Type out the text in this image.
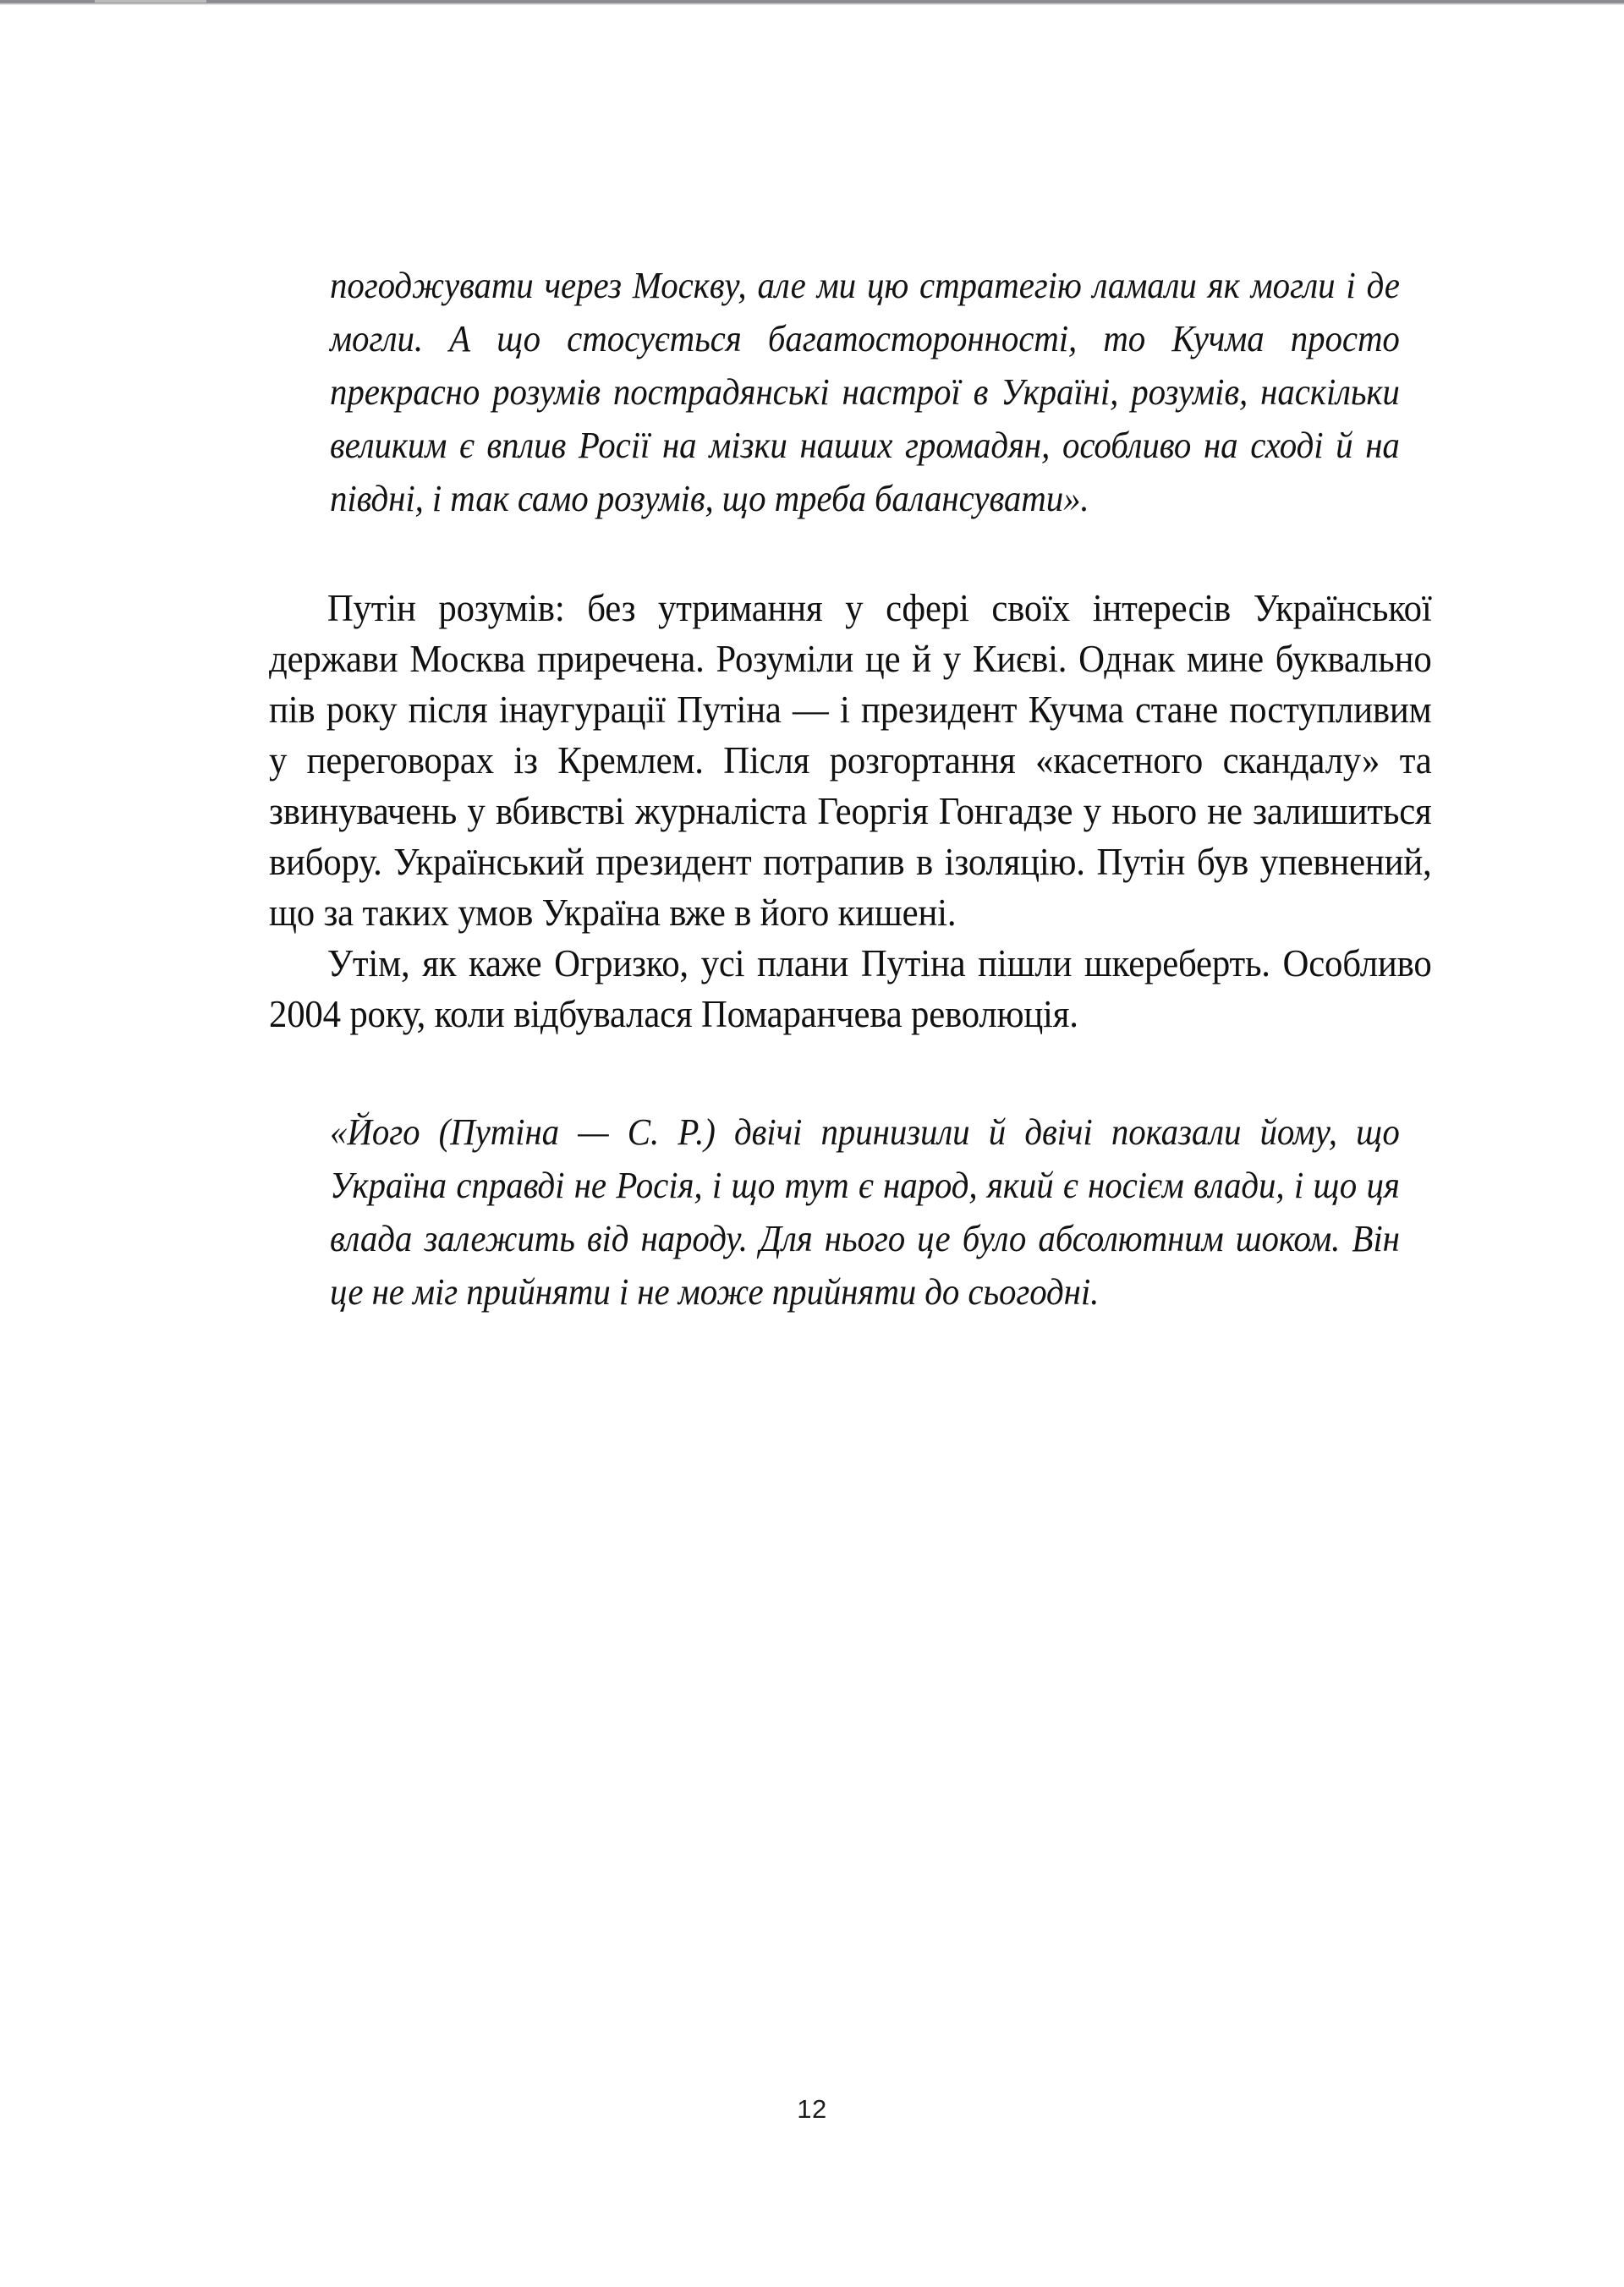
погоджувати через Москву, але ми цю стратегію ламали як могли і де могли. А що стосується багатосторонності, то Кучма просто прекрасно розумів пострадянські настрої в Україні, розумів, наскільки великим є вплив Росії на мізки наших громадян, особливо на сході й на півдні, і так само розумів, що треба балансувати».

Путін розумів: без утримання у сфері своїх інтересів Української держави Москва приречена. Розуміли це й у Києві. Однак мине буквально пів року після інаугурації Путіна — і президент Кучма стане поступливим у переговорах із Кремлем. Після розгортання «касетного скандалу» та звинувачень у вбивстві журналіста Георгія Гонгадзе у нього не залишиться вибору. Український президент потрапив в ізоляцію. Путін був упевнений, що за таких умов Україна вже в його кишені.

Утім, як каже Огризко, усі плани Путіна пішли шкереберть. Особливо 2004 року, коли відбувалася Помаранчева революція.

«Його (Путіна — С. Р.) двічі принизили й двічі показали йому, що Україна справді не Росія, і що тут є народ, який є носієм влади, і що ця влада залежить від народу. Для нього це було абсолютним шоком. Він це не міг прийняти і не може прийняти до сьогодні.
12
